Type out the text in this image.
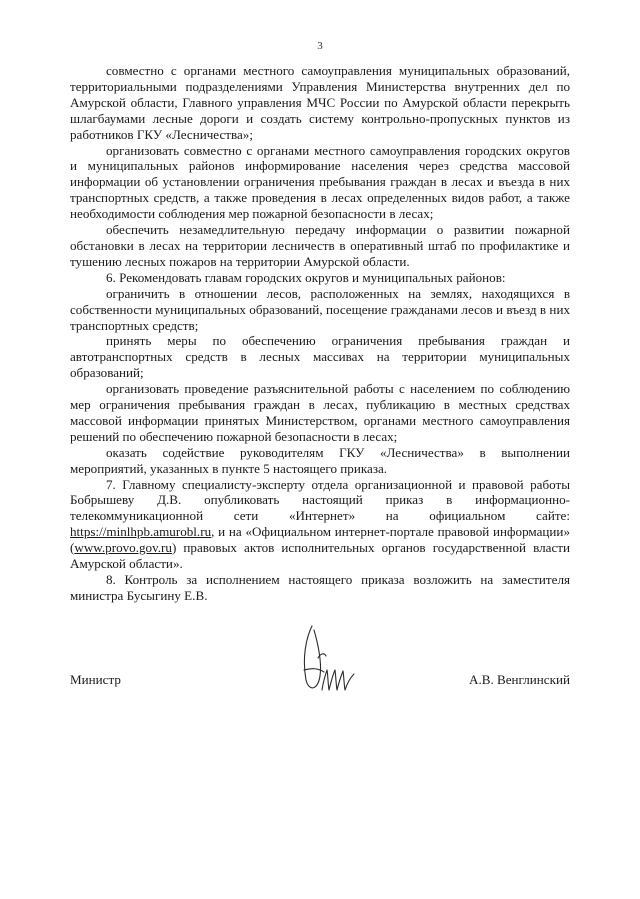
3

совместно с органами местного самоуправления муниципальных образований, территориальными подразделениями Управления Министерства внутренних дел по Амурской области, Главного управления МЧС России по Амурской области перекрыть шлагбаумами лесные дороги и создать систему контрольно-пропускных пунктов из работников ГКУ «Лесничества»;

организовать совместно с органами местного самоуправления городских округов и муниципальных районов информирование населения через средства массовой информации об установлении ограничения пребывания граждан в лесах и въезда в них транспортных средств, а также проведения в лесах определенных видов работ, а также необходимости соблюдения мер пожарной безопасности в лесах;

обеспечить незамедлительную передачу информации о развитии пожарной обстановки в лесах на территории лесничеств в оперативный штаб по профилактике и тушению лесных пожаров на территории Амурской области.

6. Рекомендовать главам городских округов и муниципальных районов:

ограничить в отношении лесов, расположенных на землях, находящихся в собственности муниципальных образований, посещение гражданами лесов и въезд в них транспортных средств;

принять меры по обеспечению ограничения пребывания граждан и автотранспортных средств в лесных массивах на территории муниципальных образований;

организовать проведение разъяснительной работы с населением по соблюдению мер ограничения пребывания граждан в лесах, публикацию в местных средствах массовой информации принятых Министерством, органами местного самоуправления решений по обеспечению пожарной безопасности в лесах;

оказать содействие руководителям ГКУ «Лесничества» в выполнении мероприятий, указанных в пункте 5 настоящего приказа.

7. Главному специалисту-эксперту отдела организационной и правовой работы Бобрышеву Д.В. опубликовать настоящий приказ в информационно-телекоммуникационной сети «Интернет» на официальном сайте: https://minlhpb.amurobl.ru, и на «Официальном интернет-портале правовой информации» (www.provo.gov.ru) правовых актов исполнительных органов государственной власти Амурской области».

8. Контроль за исполнением настоящего приказа возложить на заместителя министра Бусыгину Е.В.

Министр	А.В. Венглинский
